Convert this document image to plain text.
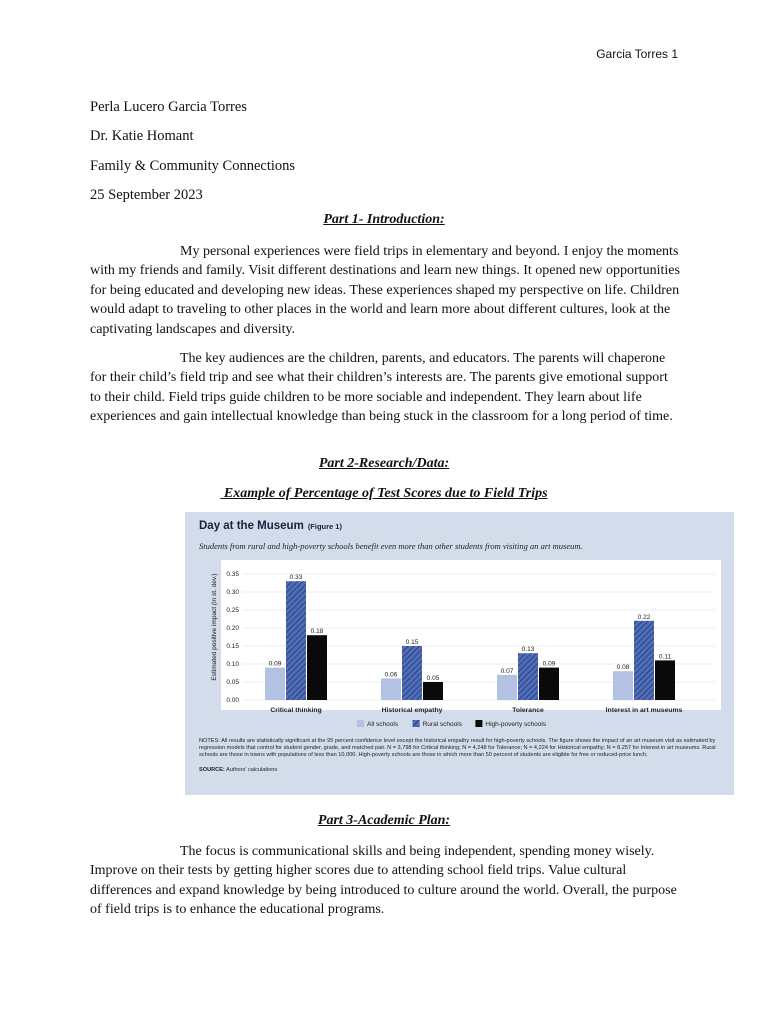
Garcia Torres 1
Perla Lucero Garcia Torres
Dr. Katie Homant
Family & Community Connections
25 September 2023
Part 1- Introduction:
My personal experiences were field trips in elementary and beyond. I enjoy the moments with my friends and family. Visit different destinations and learn new things. It opened new opportunities for being educated and developing new ideas. These experiences shaped my perspective on life. Children would adapt to traveling to other places in the world and learn more about different cultures, look at the captivating landscapes and diversity.
The key audiences are the children, parents, and educators. The parents will chaperone for their child’s field trip and see what their children’s interests are. The parents give emotional support to their child. Field trips guide children to be more sociable and independent. They learn about life experiences and gain intellectual knowledge than being stuck in the classroom for a long period of time.
Part 2-Research/Data:
Example of Percentage of Test Scores due to Field Trips
Day at the Museum (Figure 1)
Students from rural and high-poverty schools benefit even more than other students from visiting an art museum.
0.35
0.30
0.25
0.20
0.15
0.10
0.05
0.00
0.09
0.33
0.18
Critical thinking
0.06
0.15
0.05
Historical empathy
0.07
0.13
0.09
Tolerance
0.08
0.22
0.11
Interest in art museums
All schools	Rural schools	High-poverty schools
Estimated positive impact (in st. dev.)
NOTES: All results are statistically significant at the 95 percent confidence level except the historical empathy result for high-poverty schools. The figure shows the impact of an art museum visit as estimated by regression models that control for student gender, grade, and matched pair. N = 3,798 for Critical thinking; N = 4,248 for Tolerance; N = 4,224 for Historical empathy; N = 8,257 for Interest in art museums. Rural schools are those in towns with populations of less than 10,000. High-poverty schools are those in which more than 50 percent of students are eligible for free or reduced-price lunch.
SOURCE: Authors' calculations
Part 3-Academic Plan:
The focus is communicational skills and being independent, spending money wisely. Improve on their tests by getting higher scores due to attending school field trips. Value cultural differences and expand knowledge by being introduced to culture around the world. Overall, the purpose of field trips is to enhance the educational programs.
